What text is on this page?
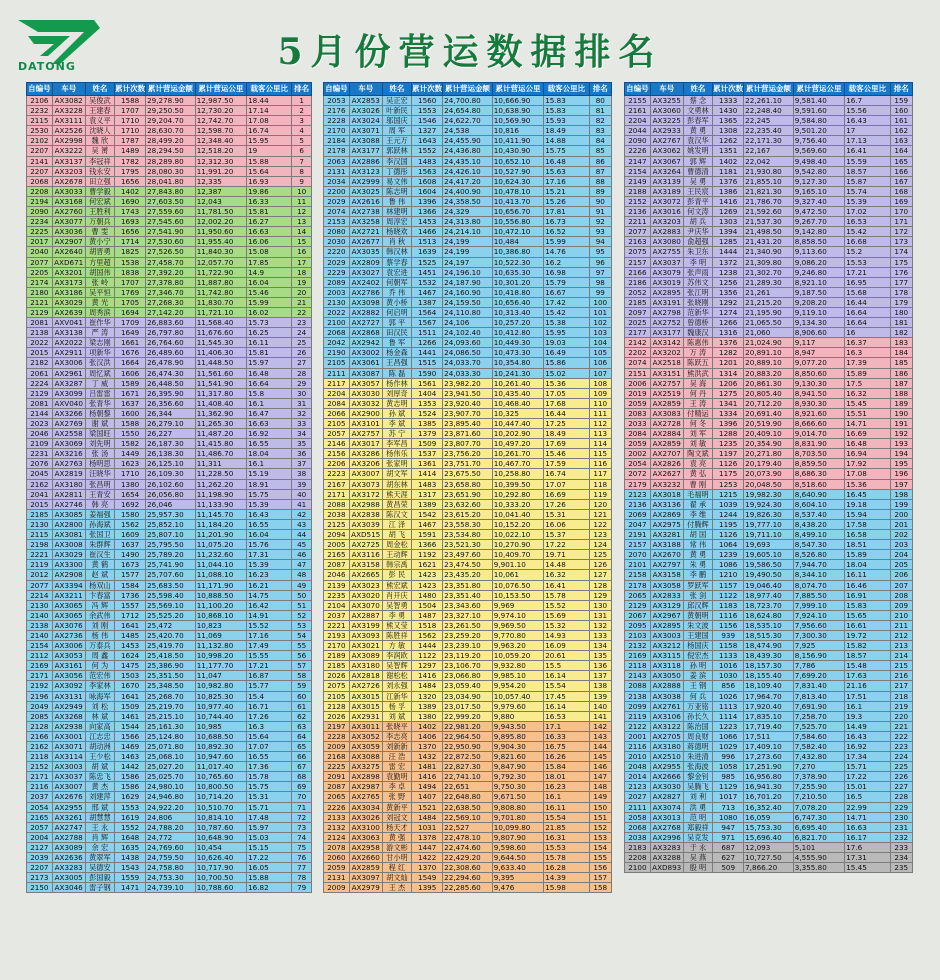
DATONG	5月份营运数据排名
自编号	车号	姓名	累计次数	累计营运金额	累计营运公里	载客公里比	排名
2106	AX3082	吴俊武	1588	29,278.90	12,987.50	18.44	1
2232	AX3228	王建春	1707	29,250.50	12,730.20	17.14	2
2115	AX3111	袁义平	1710	29,204.70	12,742.70	17.08	3
2530	AX2526	沈晓人	1710	28,630.70	12,598.70	16.74	4
2102	AX2998	魏 欣	1787	28,499.20	12,348.40	15.95	5
2207	AX3222	吴 赟	1489	28,294.50	12,518.20	19	6
2141	AX3137	李冠祥	1782	28,289.80	12,312.30	15.88	7
2207	AX3203	钱永安	1795	28,080.30	11,991.20	15.64	8
2068	AX2678	田立强	1656	28,041.80	12,335	16.93	9
2208	AX3033	曹学毅	1402	27,843.80	12,387	19.86	10
2194	AX3168	何宏斌	1690	27,603.50	12,043	16.33	11
2090	AX2760	王胜利	1743	27,559.60	11,781.50	15.81	12
2234	AX3077	万朝兵	1693	27,545.60	12,002.20	16.27	13
2225	AX3036	曹 雯	1656	27,541.90	11,950.60	16.63	14
2017	AX2907	黄小宁	1714	27,530.60	11,955.40	16.06	15
2040	AX2640	胡晋勇	1825	27,526.50	11,840.30	15.08	16
2077	AXD671	方里超	1538	27,458.70	12,057.70	17.85	17
2205	AX3201	胡国伟	1838	27,392.20	11,722.90	14.9	18
2174	AX3173	张 岭	1707	27,378.80	11,887.80	16.04	19
2180	AX3186	吴平恒	1769	27,346.70	11,742.80	15.46	20
2121	AX3029	黄 光	1705	27,268.30	11,830.70	15.99	21
2129	AX2639	周秀滨	1694	27,142.20	11,721.10	16.02	22
2081	AXV041	崔作华	1709	26,883.60	11,568.40	15.73	23
2138	AX3138	严 涛	1649	26,797.80	11,676.60	16.25	24
2022	AX2022	梁志刚	1661	26,764.60	11,545.30	16.11	25
2015	AX2911	项新华	1676	26,489.60	11,406.30	15.81	26
2182	AX3006	张汉洪	1664	26,478.90	11,448.50	15.97	27
2061	AX2961	周忆斌	1606	26,474.30	11,561.60	16.48	28
2224	AX3287	丁 威	1589	26,448.50	11,541.90	16.64	29
2129	AX3099	吕雷雷	1671	26,395.90	11,317.80	15.8	30
2081	AXV040	张青华	1637	26,356.60	11,408.40	16.1	31
2144	AX3266	杨朝黎	1600	26,344	11,362.90	16.47	32
2023	AX2769	谢 斌	1588	26,279.10	11,265.30	16.63	33
2046	AX2558	梁国旺	1550	26,227	11,487.20	16.92	34
2109	AX3069	刘先明	1582	26,187.30	11,415.80	16.55	35
2231	AX3216	张 汤	1449	26,138.30	11,486.70	18.04	36
2076	AX2763	杨明思	1623	26,125.10	11,311	16.1	37
2045	AX2819	汪晓华	1710	26,109.30	11,228.50	15.19	38
2162	AX3180	张昌明	1380	26,102.60	11,262.20	18.91	39
2041	AX2811	王青安	1654	26,056.80	11,198.90	15.75	40
2015	AX2746	韩 亮	1692	26,046	11,133.90	15.39	41
2185	AX3085	姜福强	1580	25,957.30	11,145.70	16.43	42
2130	AX2800	孙海斌	1562	25,852.10	11,184.20	16.55	43
2115	AX3081	张国卫	1609	25,807.10	11,201.90	16.04	44
2198	AX3008	朱群辉	1637	25,795.50	11,075.20	15.76	45
2221	AX3029	崔汉生	1490	25,789.20	11,232.60	17.31	46
2119	AX3300	黄 鹤	1673	25,741.90	11,044.10	15.39	47
2012	AX2908	赵 斌	1577	25,707.60	11,088.10	16.23	48
2077	AX3394	杨双山	1584	25,683.50	11,171.90	16.21	49
2214	AX3211	卞春富	1736	25,598.40	10,888.50	14.75	50
2130	AX3065	冯 辉	1557	25,569.10	11,100.20	16.42	51
2140	AX3065	余武伟	1712	25,525.20	10,868.10	14.91	52
2138	AX3076	刘 刚	1641	25,472	10,823	15.52	53
2140	AX2736	杨 伟	1485	25,420.70	11,069	17.16	54
2154	AX3006	万泰兵	1453	25,419.70	11,132.80	17.49	55
2112	AX3053	周 鑫	1624	25,418.50	10,998.20	15.55	56
2169	AX3161	何 为	1475	25,386.90	11,177.70	17.21	57
2171	AX3056	范宏伟	1503	25,351.50	11,047	16.87	58
2192	AX3092	李家林	1670	25,348.50	10,982.80	15.77	59
2196	AX3131	咏海军	1641	25,268.70	10,825.30	15.4	60
2049	AX2949	刘 松	1509	25,219.70	10,977.40	16.71	61
2085	AX3268	林 斌	1461	25,215.10	10,744.40	17.26	62
2128	AX2938	向家高	1544	25,161.30	10,985	16.3	63
2166	AX3001	江志忠	1566	25,124.80	10,688.50	15.64	64
2162	AX3071	胡动洲	1469	25,071.80	10,892.30	17.07	65
2118	AX3114	王少松	1463	25,068.10	10,947.60	16.55	66
2152	AX3003	胡 斌	1442	25,027.20	11,017.40	17.36	67
2171	AX3037	陈忠飞	1586	25,025.70	10,765.60	15.78	68
2116	AX3007	黄 杰	1586	24,980.10	10,800.50	15.75	69
2037	AX2676	刘建萍	1629	24,946.80	10,714.20	15.31	70
2054	AX2955	邢 斌	1553	24,922.20	10,510.70	15.71	71
2165	AX3261	胡慧慧	1619	24,806	10,814.10	17.48	72
2057	AX2747	王 永	1552	24,788.20	10,787.60	15.97	73
2004	AX2788	肖 辉	1648	24,772	10,648.90	15.03	74
2127	AX3089	余 宏	1635	24,769.60	10,454	15.15	75
2039	AX2636	黄翠军	1438	24,759.50	10,626.40	17.22	76
2207	AX3283	吴德安	1543	24,758.80	10,717.90	16.05	77
2173	AX3005	彭国毅	1559	24,753.30	10,700.50	15.88	78
2150	AX3046	雷子钢	1471	24,739.10	10,788.60	16.82	79
自编号	车号	姓名	累计次数	累计营运金额	累计营运公里	载客公里比	排名
2053	AX2853	吴正宏	1560	24,700.80	10,666.90	15.83	80
2176	AX3026	叶新民	1553	24,654.80	10,638.90	15.83	81
2228	AX3024	邬国庆	1546	24,622.70	10,569.90	15.93	82
2170	AX3071	周 军	1327	24,538	10,816	18.49	83
2184	AX3088	王元万	1643	24,455.90	10,411.90	14.88	84
2178	AX3177	郭跃林	1552	24,436.80	10,430.90	15.75	85
2063	AX2886	李汉国	1483	24,435.10	10,652.10	16.48	86
2131	AX3123	丁德彤	1563	24,426.10	10,527.90	15.63	87
2034	AX2999	易文伟	1608	24,417.20	10,624.30	17.16	88
2200	AX3025	陈志明	1604	24,400.90	10,478.10	15.21	89
2029	AX2616	鲁 伟	1396	24,358.50	10,413.70	15.26	90
2074	AX2738	林建明	1366	24,329	10,656.70	17.81	91
2153	AX3258	周淳宏	1453	24,313.80	10,556.80	16.73	92
2080	AX2721	杨晓欢	1466	24,214.10	10,472.10	16.52	93
2030	AX2677	肖 秋	1513	24,199	10,484	15.99	94
2220	AX3035	韩汉林	1639	24,199	10,386.80	14.76	95
2029	AX2809	蔡学春	1525	24,197	10,522.30	16.2	96
2229	AX3027	袁宏进	1451	24,196.10	10,635.30	16.98	97
2089	AX2402	何朝军	1532	24,187.90	10,301.20	15.79	98
2003	AX2786	乔 伟	1467	24,160.90	10,418.80	16.67	99
2130	AX3098	黄小桥	1387	24,159.50	10,656.40	17.42	100
2022	AX2882	何启明	1564	24,110.80	10,313.40	15.42	101
2100	AX2727	郭 平	1567	24,106	10,257.20	15.38	102
2068	AX2868	田汉民	1511	24,102.40	10,412.80	15.95	103
2042	AX2942	鲁 军	1266	24,093.60	10,449.30	19.03	104
2190	AX3002	杨金森	1441	24,086.50	10,473.30	16.49	105
2105	AX3061	王昌强	1515	24,033.70	10,354.80	15.86	106
2111	AX3087	陈 磊	1590	24,033.30	10,241.30	15.02	107
2117	AX3057	杨作林	1561	23,982.20	10,261.40	15.36	108
2204	AX3030	刘厚奇	1404	23,941.50	10,435.40	17.05	109
2084	AX3032	黄志明	1353	23,920.40	10,468.40	17.68	110
2066	AX2900	孙 斌	1524	23,907.70	10,325	16.44	111
2105	AX3101	李 斌	1385	23,895.40	10,447.40	17.25	112
2057	AX2757	苏 宁	1379	23,871.60	10,202.90	18.49	113
2146	AX3017	李军昌	1509	23,807.70	10,497.20	17.69	114
2156	AX3286	杨伟乐	1537	23,756.20	10,261.70	15.46	115
2206	AX3206	张家明	1361	23,751.70	10,467.70	17.59	116
2223	AX3007	胡文军	1414	23,675.50	10,258.80	16.74	117
2167	AX3073	胡东林	1483	23,658.80	10,399.50	17.07	118
2171	AX3172	熊天涯	1317	23,651.90	10,292.80	16.69	119
2088	AX2988	黄昌荣	1389	23,632.60	10,333.20	17.26	120
2038	AX2838	陈汉文	1542	23,615.20	10,041.40	15.31	121
2125	AX3039	江 泽	1467	23,558.30	10,152.20	16.06	122
2094	AXD515	胡 飞	1591	23,534.80	10,022.10	15.37	123
2005	AX2725	周金松	1366	23,521.30	10,270.90	17.22	124
2165	AX3116	王动辉	1192	23,497.60	10,409.70	19.71	125
2087	AX3158	韩宗禹	1621	23,474.50	9,901.10	14.48	126
2046	AX2665	彭 民	1423	23,435.20	10,061	16.32	127
2139	AX3023	熊宏斌	1423	23,351.80	10,076.50	16.41	128
2235	AX3020	肖开庆	1480	23,351.40	10,153.50	15.78	129
2104	AX3070	吴智勇	1504	23,343.60	9,969	15.52	130
2037	AX2887	李 勇	1487	23,327.10	9,974.10	15.69	131
2221	AX3199	熊又莹	1518	23,261.50	9,969.50	15.32	132
2193	AX3093	陈胜祥	1562	23,259.20	9,770.80	14.93	133
2170	AX3021	方 敏	1444	23,239.10	9,963.20	16.09	134
2189	AX3089	李润欧	1122	23,119.20	10,059.20	20.61	135
2185	AX3180	吴智辉	1297	23,106.70	9,932.80	15.5	136
2026	AX2818	谢松松	1416	23,066.80	9,985.10	16.14	137
2075	AX2726	刘永强	1484	23,059.40	9,954.20	15.54	138
2105	AX3015	江新华	1320	23,034.90	10,057.40	17.45	139
2128	AX3015	杨 孚	1389	23,017.50	9,979.60	16.14	140
2026	AX2931	刘 斌	1380	22,999.20	9,880	16.53	141
2197	AX3011	张晓平	1402	22,981.20	9,943.50	17.1	142
2228	AX3052	李志亮	1406	22,964.50	9,895.80	16.33	143
2009	AX3059	刘新新	1370	22,950.90	9,904.30	16.75	144
2168	AX3088	汪 浩	1432	22,872.50	9,821.60	16.26	145
2225	AX3275	雷 宏	1481	22,827.30	9,847.90	15.84	146
2091	AX2898	袁勤明	1416	22,741.10	9,792.30	18.01	147
2087	AX2987	李 卓	1494	22,651	9,750.30	16.23	148
2065	AX2765	张 野	1407	22,648.80	9,671.50	16.1	149
2226	AX3034	黄新平	1521	22,638.50	9,808.80	16.11	150
2133	AX3026	刘冠文	1484	22,569.10	9,701.80	15.54	151
2132	AX3100	杨天才	1031	22,527	10,099.80	21.85	152
2124	AX3063	黄 强	1378	22,478.10	9,807.90	16.31	153
2078	AX2958	游文彬	1447	22,474.60	9,598.60	15.53	154
2060	AX2660	甘小明	1422	22,429.20	9,644.50	15.78	155
2059	AX2859	程 红	1370	22,308.60	9,633.40	16.28	156
2131	AX3097	胡文灿	1549	22,294.60	9,395	14.39	157
2009	AX2979	王 杰	1395	22,285.60	9,476	15.98	158
自编号	车号	姓名	累计次数	累计营运金额	累计营运公里	载客公里比	排名
2155	AX3255	蔡 念	1333	22,261.10	9,581.40	16.7	159
2161	AX3060	文勇林	1430	22,248.40	9,591.60	15.56	160
2204	AX3225	彭春军	1365	22,245	9,584.80	16.43	161
2044	AX2933	黄 勇	1308	22,235.40	9,501.20	17	162
2090	AX2767	袁汉华	1262	22,171.30	9,756.40	17.13	163
2226	AX3062	姚发明	1351	22,167	9,569.60	16.41	164
2147	AX3067	郭 辉	1402	22,042	9,498.40	15.59	165
2154	AX3264	曹德清	1181	21,930.80	9,542.80	18.57	166
2149	AX3139	吴 勇	1376	21,855.10	9,127.30	15.87	167
2188	AX3189	王民宸	1386	21,821.30	9,165.10	15.74	168
2152	AX3072	彭青平	1416	21,786.70	9,327.40	15.39	169
2136	AX3016	何文涛	1269	21,592.60	9,472.50	17.02	170
2211	AX3203	胡 兵	1303	21,537.30	9,267.70	16.53	171
2077	AX2883	尹庆华	1394	21,498.50	9,142.80	15.42	172
2163	AX3080	俞超强	1285	21,431.20	8,858.50	16.68	173
2075	AX2755	朱卫东	1444	21,340.90	9,113.60	15.2	174
2157	AX3037	李 明	1372	21,309.80	9,086.20	15.53	175
2166	AX3079	张声雨	1238	21,302.70	9,246.80	17.21	176
2186	AX3019	苏伟文	1256	21,289.30	8,921.10	16.95	177
2052	AX2895	张江明	1356	21,261	9,187.50	15.68	178
2185	AX3191	张晓刚	1292	21,215.20	9,208.20	16.44	179
2097	AX2798	范新华	1274	21,195.90	9,119.10	16.64	180
2025	AX2752	曾德桥	1266	21,065.50	9,134.30	16.64	181
2177	AX3177	魏康汉	1316	21,060	8,906.60	16	182
2142	AX3142	陈惠伟	1376	21,024.90	9,117	16.37	183
2202	AX3202	万 涛	1282	20,891.10	8,947	16.3	184
2074	AX2518	陈跃五	1201	20,889.10	9,077.20	17.39	185
2151	AX3151	熊洪武	1314	20,883.20	8,850.60	15.89	186
2006	AX2757	吴 海	1206	20,861.30	9,130.30	17.5	187
2019	AX2519	何 丹	1275	20,805.40	8,941.50	16.32	188
2059	AX2859	王 涛	1341	20,712.20	8,930.30	15.45	189
2083	AX3083	付精运	1334	20,691.40	8,921.60	15.51	190
2033	AX2728	何 冬	1396	20,519.90	8,666.60	14.71	191
2084	AX2884	刘 军	1288	20,409.10	9,014.70	16.69	192
2059	AX2859	刘 敏	1235	20,354.90	8,831.90	16.48	193
2002	AX2707	陶文斌	1197	20,271.80	8,703.50	16.94	194
2054	AX2826	袁 亮	1126	20,179.40	8,859.50	17.92	195
2072	AX2627	黄 弘	1175	20,073.90	8,686.30	17.08	196
2179	AX3232	曹 刚	1253	20,048.50	8,518.60	15.36	197
2123	AX3018	毛福明	1215	19,982.30	8,640.90	16.45	198
2136	AX3136	翟 承	1039	19,924.30	8,604.10	19.18	199
2069	AX2869	李 维	1244	19,826.30	8,537.40	15.94	200
2047	AX2975	付腾辉	1195	19,777.10	8,438.20	17.58	201
2191	AX3281	胡 国	1126	19,711.10	8,499.10	16.58	202
2157	AX3188	常 伟	1064	19,693	8,547.30	18.51	203
2070	AX2670	黄 勇	1239	19,605.10	8,526.80	15.89	204
2101	AX2797	朱 勇	1086	19,586.50	7,944.70	18.04	205
2158	AX3158	李 鹏	1210	19,490.50	8,344.10	16.11	206
2178	AX3058	罗跃军	1157	19,046.40	8,074.70	16.46	207
2065	AX2833	张 剑	1122	18,977.40	7,885.50	16.91	208
2129	AX3129	邱汉辉	1183	18,723.70	7,999.10	15.83	209
2067	AX2967	黄朝明	1116	18,624.80	7,924.10	15.65	210
2095	AX2895	朱文波	1156	18,535.10	7,956.60	16.61	211
2103	AX3003	王建国	939	18,515.30	7,300.30	19.72	212
2132	AX3212	杨国庆	1158	18,474.90	7,925	15.82	213
2169	AX3115	倪宏杰	1133	18,439.30	8,156.90	18.57	214
2118	AX3118	孙 明	1016	18,157.30	7,786	15.48	215
2143	AX3050	姜 滨	1030	18,155.40	7,699.20	17.63	216
2088	AX2888	王 钢	856	18,109.40	7,831.40	21.16	217
2138	AX3038	何 兵	1026	17,964.70	7,813.40	17.51	218
2099	AX2761	万亚铭	1113	17,920.40	7,691.90	16.1	219
2119	AX3106	孙长久	1114	17,835.10	7,258.70	19.3	220
2122	AX3122	陈治国	1223	17,719.40	7,525.70	14.49	221
2001	AX2705	周良财	1066	17,511	7,584.60	16.43	222
2116	AX3180	蒋德明	1029	17,409.10	7,582.40	16.92	223
2010	AX2510	朱进清	996	17,273.60	7,432.80	17.34	224
2048	AX2955	张海波	1058	17,251.90	7,270	15.71	225
2014	AX2666	黎金钊	985	16,956.80	7,378.90	17.22	226
2123	AX3030	吴腾飞	1129	16,941.30	7,255.90	15.01	227
2027	AX2827	刘 利	1017	16,701.20	7,210.50	16.5	228
2111	AX3074	洪 勇	713	16,352.40	7,078.20	22.99	229
2058	AX3013	范 明	1080	16,059	6,747.30	14.71	230
2068	AX2768	郑毅祥	947	15,753.30	6,695.40	16.63	231
2038	AX2996	吴克发	971	15,696.40	6,821.70	16.17	232
2183	AX3283	于 永	687	12,093	5,101	17.6	233
2208	AX3288	吴 燕	627	10,727.50	4,555.90	17.31	234
2100	AXD893	殷 明	509	7,866.20	3,355.80	15.45	235
